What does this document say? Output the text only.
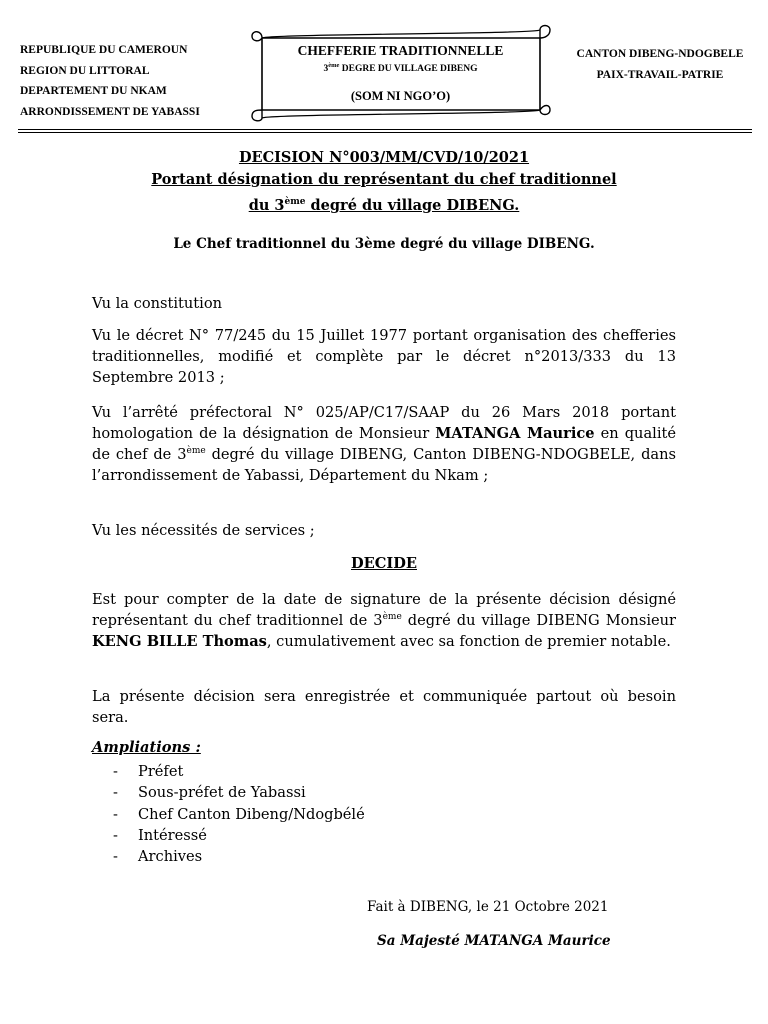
REPUBLIQUE DU CAMEROUN
REGION DU LITTORAL
DEPARTEMENT DU NKAM
ARRONDISSEMENT DE YABASSI
CHEFFERIE TRADITIONNELLE
3ème DEGRE DU VILLAGE DIBENG
(SOM NI NGO’O)
CANTON DIBENG-NDOGBELE
PAIX-TRAVAIL-PATRIE
DECISION N°003/MM/CVD/10/2021
Portant désignation du représentant du chef traditionnel
du 3ème degré du village DIBENG.
Le Chef traditionnel du 3ème degré du village DIBENG.
Vu la constitution
Vu le décret N° 77/245 du 15 Juillet 1977 portant organisation des chefferies traditionnelles, modifié et complète par le décret n°2013/333 du 13 Septembre 2013 ;
Vu l’arrêté préfectoral N° 025/AP/C17/SAAP du 26 Mars 2018 portant homologation de la désignation de Monsieur MATANGA Maurice en qualité de chef de 3ème degré du village DIBENG, Canton DIBENG-NDOGBELE, dans l’arrondissement de Yabassi, Département du Nkam ;
Vu les nécessités de services ;
DECIDE
Est pour compter de la date de signature de la présente décision désigné représentant du chef traditionnel de 3ème degré du village DIBENG Monsieur KENG BILLE Thomas, cumulativement avec sa fonction de premier notable.
La présente décision sera enregistrée et communiquée partout où besoin sera.
Ampliations :
- Préfet
- Sous-préfet de Yabassi
- Chef Canton Dibeng/Ndogbélé
- Intéressé
- Archives
Fait à DIBENG, le 21 Octobre 2021
Sa Majesté MATANGA Maurice
